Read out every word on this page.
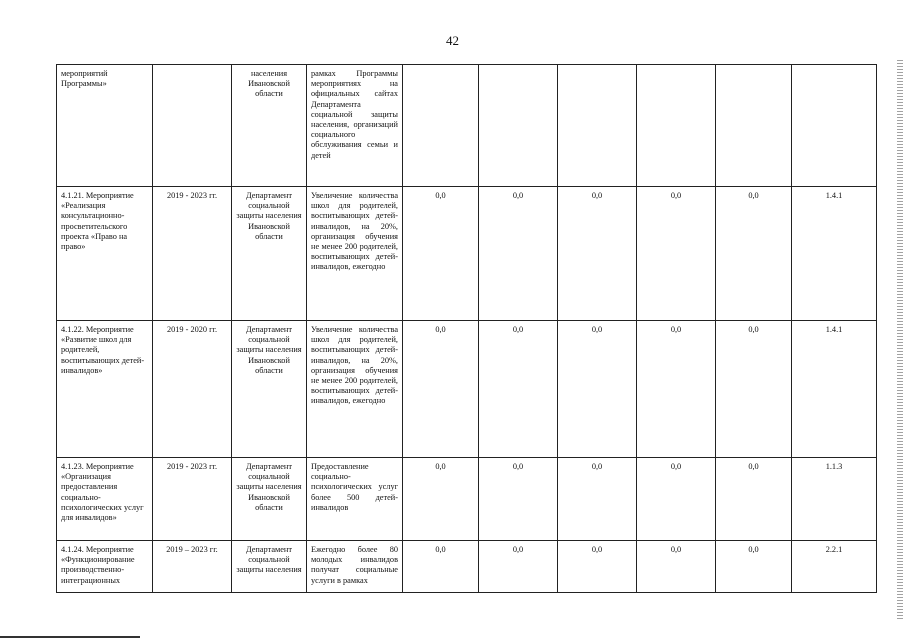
42
мероприятий Программы»		населения Ивановской области	рамках Программы мероприятиях на официальных сайтах Департамента социальной защиты населения, организаций социального обслуживания семьи и детей						
4.1.21. Мероприятие «Реализация консультационно-просветительского проекта «Право на право»	2019 - 2023 гг.	Департамент социальной защиты населения Ивановской области	Увеличение количества школ для родителей, воспитывающих детей-инвалидов, на 20%, организация обучения не менее 200 родителей, воспитывающих детей-инвалидов, ежегодно	0,0	0,0	0,0	0,0	0,0	1.4.1
4.1.22. Мероприятие «Развитие школ для родителей, воспитывающих детей-инвалидов»	2019 - 2020 гг.	Департамент социальной защиты населения Ивановской области	Увеличение количества школ для родителей, воспитывающих детей-инвалидов, на 20%, организация обучения не менее 200 родителей, воспитывающих детей-инвалидов, ежегодно	0,0	0,0	0,0	0,0	0,0	1.4.1
4.1.23. Мероприятие «Организация предоставления социально-психологических услуг для инвалидов»	2019 - 2023 гг.	Департамент социальной защиты населения Ивановской области	Предоставление социально-психологических услуг более 500 детей-инвалидов	0,0	0,0	0,0	0,0	0,0	1.1.3
4.1.24. Мероприятие «Функционирование производственно-интеграционных	2019 – 2023 гг.	Департамент социальной защиты населения	Ежегодно более 80 молодых инвалидов получат социальные услуги в рамках	0,0	0,0	0,0	0,0	0,0	2.2.1
